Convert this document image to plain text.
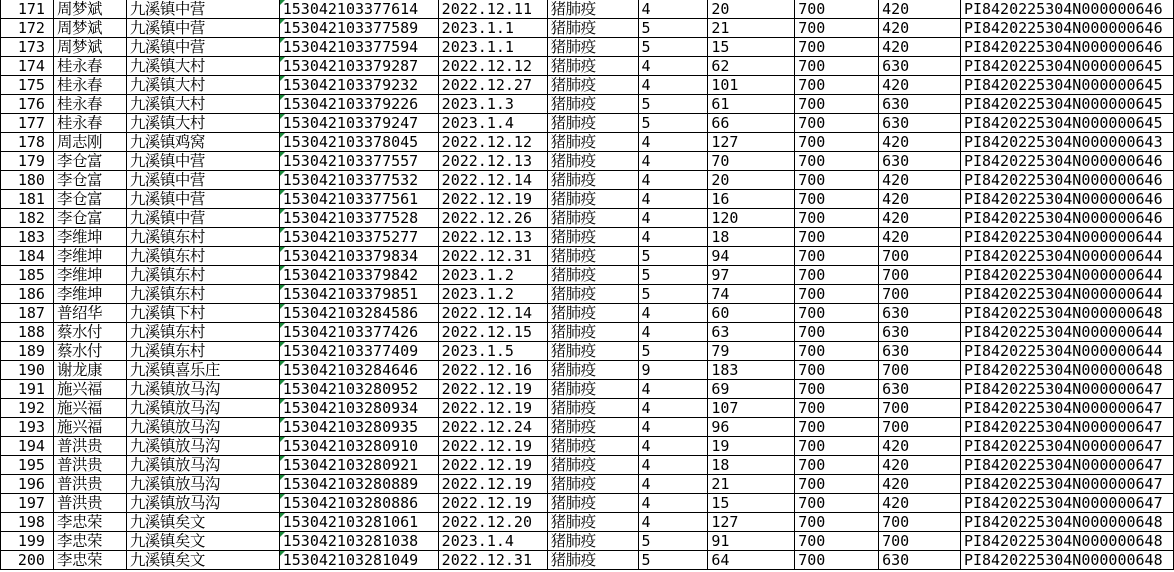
171	周梦斌	九溪镇中营	153042103377614	2022.12.11	猪肺疫	4	20	700	420	PI8420225304N000000646
172	周梦斌	九溪镇中营	153042103377589	2023.1.1	猪肺疫	5	21	700	420	PI8420225304N000000646
173	周梦斌	九溪镇中营	153042103377594	2023.1.1	猪肺疫	5	15	700	420	PI8420225304N000000646
174	桂永春	九溪镇大村	153042103379287	2022.12.12	猪肺疫	4	62	700	630	PI8420225304N000000645
175	桂永春	九溪镇大村	153042103379232	2022.12.27	猪肺疫	4	101	700	420	PI8420225304N000000645
176	桂永春	九溪镇大村	153042103379226	2023.1.3	猪肺疫	5	61	700	630	PI8420225304N000000645
177	桂永春	九溪镇大村	153042103379247	2023.1.4	猪肺疫	5	66	700	630	PI8420225304N000000645
178	周志刚	九溪镇鸡窝	153042103378045	2022.12.12	猪肺疫	4	127	700	420	PI8420225304N000000643
179	李仓富	九溪镇中营	153042103377557	2022.12.13	猪肺疫	4	70	700	630	PI8420225304N000000646
180	李仓富	九溪镇中营	153042103377532	2022.12.14	猪肺疫	4	20	700	420	PI8420225304N000000646
181	李仓富	九溪镇中营	153042103377561	2022.12.19	猪肺疫	4	16	700	420	PI8420225304N000000646
182	李仓富	九溪镇中营	153042103377528	2022.12.26	猪肺疫	4	120	700	420	PI8420225304N000000646
183	李维坤	九溪镇东村	153042103375277	2022.12.13	猪肺疫	4	18	700	420	PI8420225304N000000644
184	李维坤	九溪镇东村	153042103379834	2022.12.31	猪肺疫	5	94	700	700	PI8420225304N000000644
185	李维坤	九溪镇东村	153042103379842	2023.1.2	猪肺疫	5	97	700	700	PI8420225304N000000644
186	李维坤	九溪镇东村	153042103379851	2023.1.2	猪肺疫	5	74	700	700	PI8420225304N000000644
187	普绍华	九溪镇下村	153042103284586	2022.12.14	猪肺疫	4	60	700	630	PI8420225304N000000648
188	蔡水付	九溪镇东村	153042103377426	2022.12.15	猪肺疫	4	63	700	630	PI8420225304N000000644
189	蔡水付	九溪镇东村	153042103377409	2023.1.5	猪肺疫	5	79	700	630	PI8420225304N000000644
190	谢龙康	九溪镇喜乐庄	153042103284646	2022.12.16	猪肺疫	9	183	700	700	PI8420225304N000000648
191	施兴福	九溪镇放马沟	153042103280952	2022.12.19	猪肺疫	4	69	700	630	PI8420225304N000000647
192	施兴福	九溪镇放马沟	153042103280934	2022.12.19	猪肺疫	4	107	700	700	PI8420225304N000000647
193	施兴福	九溪镇放马沟	153042103280935	2022.12.24	猪肺疫	4	96	700	700	PI8420225304N000000647
194	普洪贵	九溪镇放马沟	153042103280910	2022.12.19	猪肺疫	4	19	700	420	PI8420225304N000000647
195	普洪贵	九溪镇放马沟	153042103280921	2022.12.19	猪肺疫	4	18	700	420	PI8420225304N000000647
196	普洪贵	九溪镇放马沟	153042103280889	2022.12.19	猪肺疫	4	21	700	420	PI8420225304N000000647
197	普洪贵	九溪镇放马沟	153042103280886	2022.12.19	猪肺疫	4	15	700	420	PI8420225304N000000647
198	李忠荣	九溪镇矣文	153042103281061	2022.12.20	猪肺疫	4	127	700	700	PI8420225304N000000648
199	李忠荣	九溪镇矣文	153042103281038	2023.1.4	猪肺疫	5	91	700	700	PI8420225304N000000648
200	李忠荣	九溪镇矣文	153042103281049	2022.12.31	猪肺疫	5	64	700	630	PI8420225304N000000648
